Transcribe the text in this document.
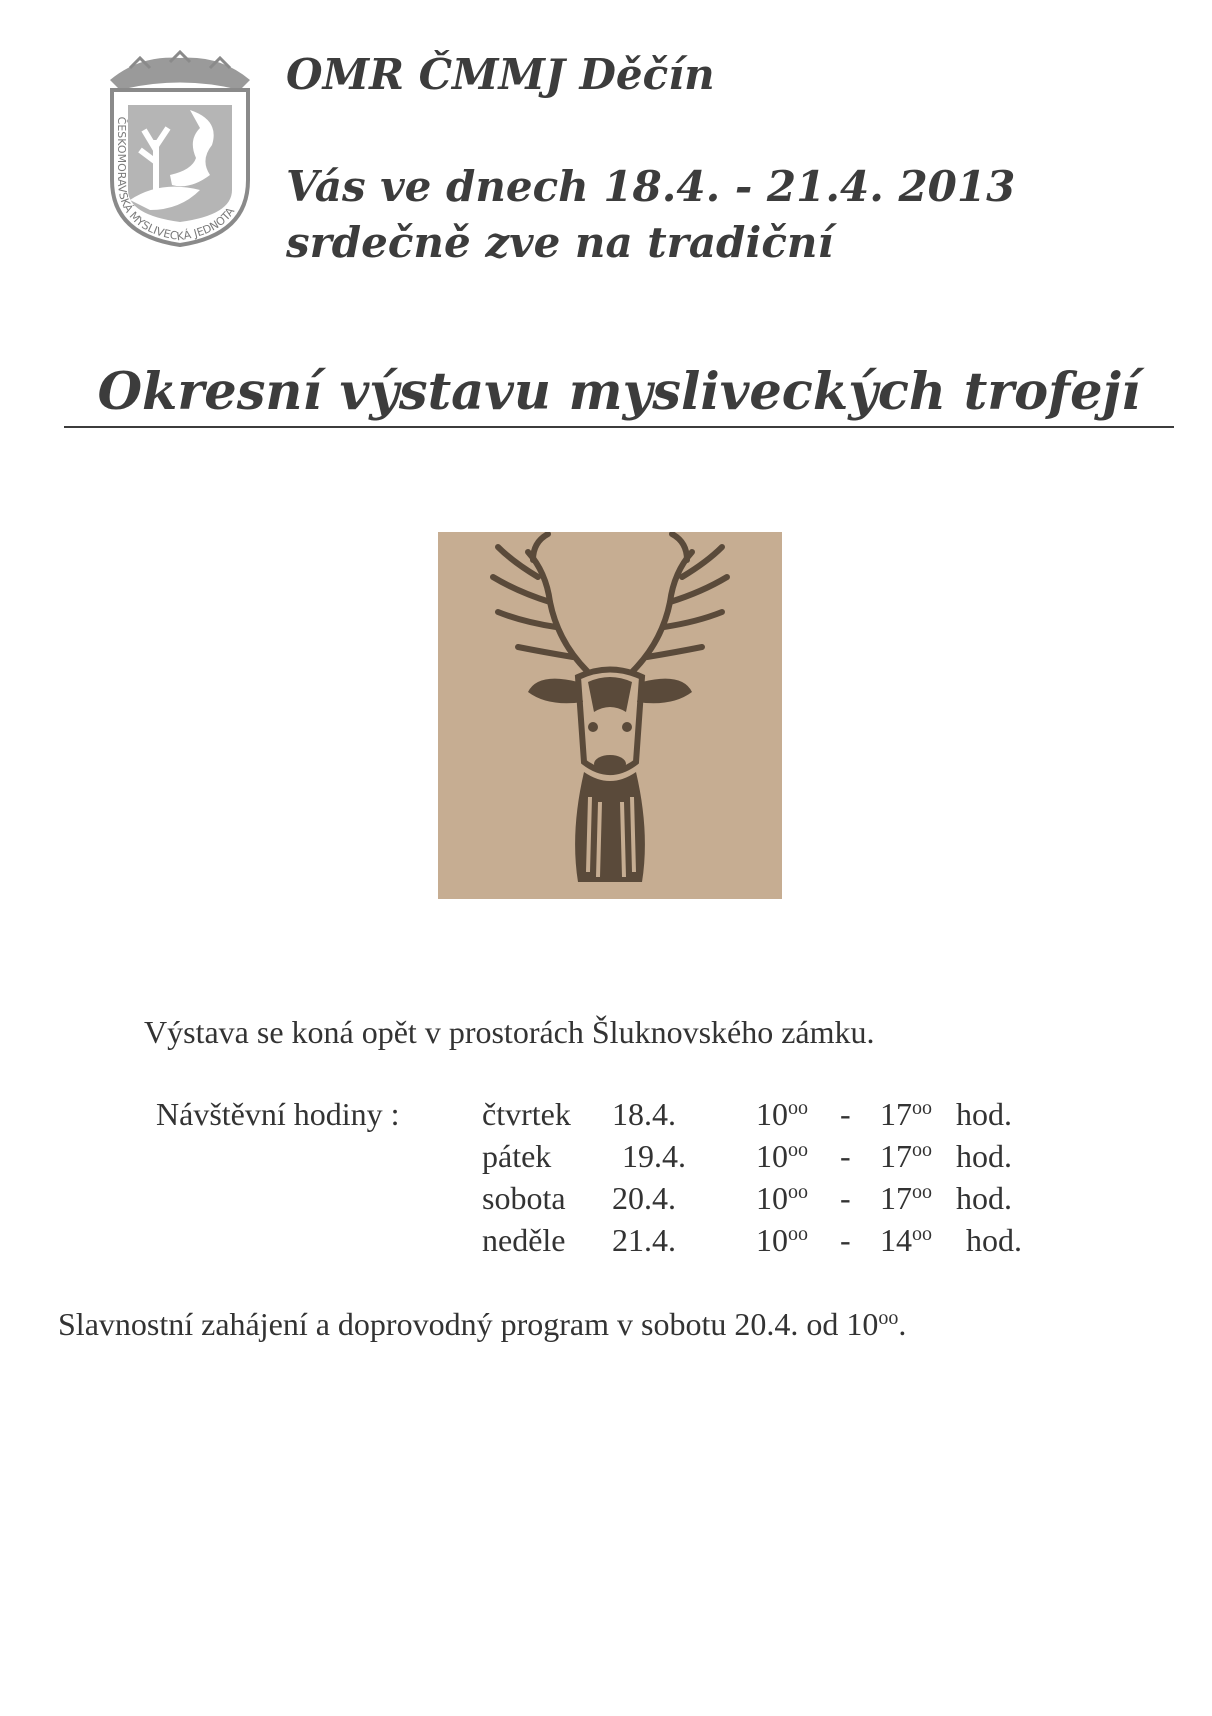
ČESKOMORAVSKÁ MYSLIVECKÁ JEDNOTA
OMR ČMMJ Děčín
Vás ve dnech 18.4. - 21.4. 2013
srdečně zve na tradiční
Okresní výstavu mysliveckých trofejí
Výstava se koná opět v prostorách Šluknovského zámku.
Návštěvní hodiny :	čtvrtek 18.4.	$10^{oo} - 17^{oo}$ hod.
pátek 19.4. $10^{oo} - 17^{oo}$ hod.
sobota 20.4.	$10^{oo} - 17^{oo}$ hod.
neděle 21.4.	$10^{oo} - 14^{oo}$ hod.
Slavnostní zahájení a doprovodný program v sobotu 20.4. od $10^{oo}$.
